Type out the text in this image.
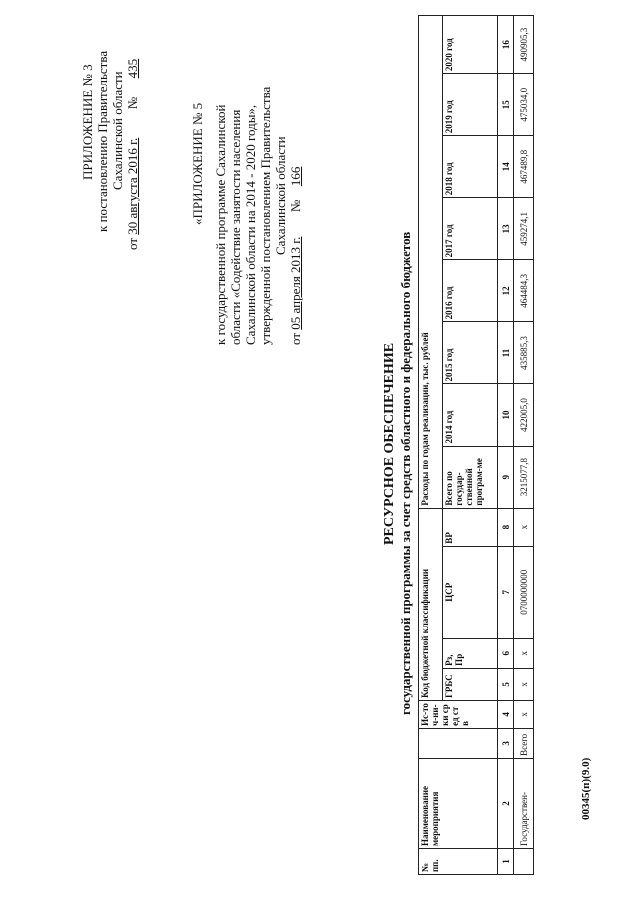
ПРИЛОЖЕНИЕ № 3 к постановлению Правительства Сахалинской области
от 30 августа 2016 г.  № 435
«ПРИЛОЖЕНИЕ № 5 к государственной программе Сахалинской области «Содействие занятости населения Сахалинской области на 2014 - 2020 годы», утвержденной постановлением Правительства Сахалинской области
от 05 апреля 2013 г.  № 166
РЕСУРСНОЕ ОБЕСПЕЧЕНИЕ государственной программы за счет средств областного и федерального бюджетов
№ пп.	Наименование мероприятия		Ис-точ-ни-ки сред ств	Код бюджетной классификации				Расходы по годам реализации, тыс. рублей							
				ГРБС	Рз, Пр	ЦСР	ВР	Всего по государ-ственной програм-ме	2014 год	2015 год	2016 год	2017 год	2018 год	2019 год	2020 год
1	2	3	4	5	6	7	8	9	10	11	12	13	14	15	16
	Государствен-	Всего	x	x	x	0700000000	x	3215077,8	422005,0	435885,3	464484,3	459274,1	467489,8	475034,0	490905,3
00345(п)(9.0)
